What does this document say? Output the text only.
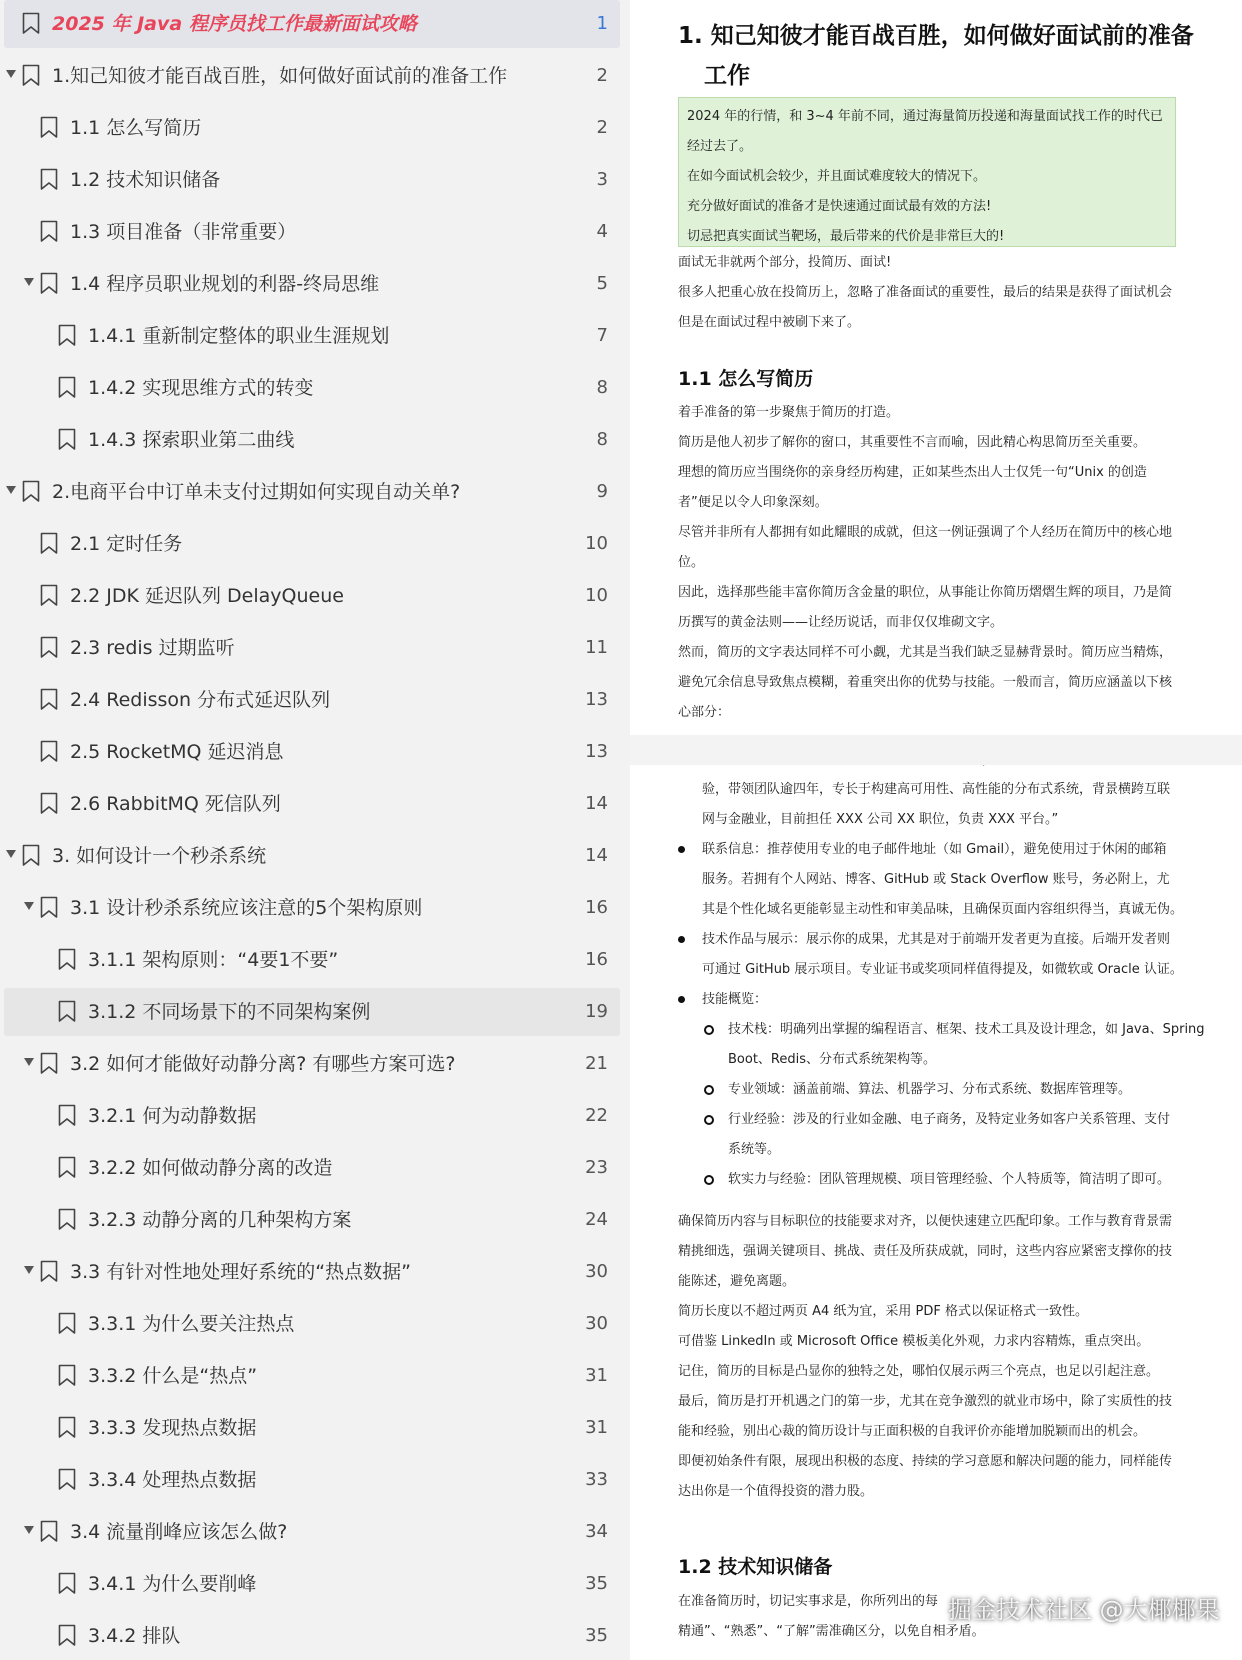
2025 年 Java 程序员找工作最新面试攻略	1
1.知己知彼才能百战百胜，如何做好面试前的准备工作	2
1.1 怎么写简历	2
1.2 技术知识储备	3
1.3 项目准备（非常重要）	4
1.4 程序员职业规划的利器-终局思维	5
1.4.1 重新制定整体的职业生涯规划	7
1.4.2 实现思维方式的转变	8
1.4.3 探索职业第二曲线	8
2.电商平台中订单未支付过期如何实现自动关单?	9
2.1 定时任务	10
2.2 JDK 延迟队列 DelayQueue	10
2.3 redis 过期监听	11
2.4 Redisson 分布式延迟队列	13
2.5 RocketMQ 延迟消息	13
2.6 RabbitMQ 死信队列	14
3. 如何设计一个秒杀系统	14
3.1 设计秒杀系统应该注意的5个架构原则	16
3.1.1 架构原则：“4要1不要”	16
3.1.2 不同场景下的不同架构案例	19
3.2 如何才能做好动静分离? 有哪些方案可选?	21
3.2.1 何为动静数据	22
3.2.2 如何做动静分离的改造	23
3.2.3 动静分离的几种架构方案	24
3.3 有针对性地处理好系统的“热点数据”	30
3.3.1 为什么要关注热点	30
3.3.2 什么是“热点”	31
3.3.3 发现热点数据	31
3.3.4 处理热点数据	33
3.4 流量削峰应该怎么做?	34
3.4.1 为什么要削峰	35
3.4.2 排队	35
1. 知己知彼才能百战百胜，如何做好面试前的准备
工作
2024 年的行情，和 3~4 年前不同，通过海量简历投递和海量面试找工作的时代已
经过去了。
在如今面试机会较少，并且面试难度较大的情况下。
充分做好面试的准备才是快速通过面试最有效的方法!
切忌把真实面试当靶场，最后带来的代价是非常巨大的!
面试无非就两个部分，投简历、面试!
很多人把重心放在投简历上，忽略了准备面试的重要性，最后的结果是获得了面试机会
但是在面试过程中被刷下来了。
1.1 怎么写简历
着手准备的第一步聚焦于简历的打造。
简历是他人初步了解你的窗口，其重要性不言而喻，因此精心构思简历至关重要。
理想的简历应当围绕你的亲身经历构建，正如某些杰出人士仅凭一句“Unix 的创造
者”便足以令人印象深刻。
尽管并非所有人都拥有如此耀眼的成就，但这一例证强调了个人经历在简历中的核心地
位。
因此，选择那些能丰富你简历含金量的职位，从事能让你简历熠熠生辉的项目，乃是简
历撰写的黄金法则——让经历说话，而非仅仅堆砌文字。
然而，简历的文字表达同样不可小觑，尤其是当我们缺乏显赫背景时。简历应当精炼，
避免冗余信息导致焦点模糊，着重突出你的优势与技能。一般而言，简历应涵盖以下核
心部分：
验，带领团队逾四年，专长于构建高可用性、高性能的分布式系统，背景横跨互联
网与金融业，目前担任 XXX 公司 XX 职位，负责 XXX 平台。”
联系信息：推荐使用专业的电子邮件地址（如 Gmail），避免使用过于休闲的邮箱
服务。若拥有个人网站、博客、GitHub 或 Stack Overflow 账号，务必附上，尤
其是个性化域名更能彰显主动性和审美品味，且确保页面内容组织得当，真诚无伪。
技术作品与展示：展示你的成果，尤其是对于前端开发者更为直接。后端开发者则
可通过 GitHub 展示项目。专业证书或奖项同样值得提及，如微软或 Oracle 认证。
技能概览：
技术栈：明确列出掌握的编程语言、框架、技术工具及设计理念，如 Java、Spring
Boot、Redis、分布式系统架构等。
专业领域：涵盖前端、算法、机器学习、分布式系统、数据库管理等。
行业经验：涉及的行业如金融、电子商务，及特定业务如客户关系管理、支付
系统等。
软实力与经验：团队管理规模、项目管理经验、个人特质等，简洁明了即可。
确保简历内容与目标职位的技能要求对齐，以便快速建立匹配印象。工作与教育背景需
精挑细选，强调关键项目、挑战、责任及所获成就，同时，这些内容应紧密支撑你的技
能陈述，避免离题。
简历长度以不超过两页 A4 纸为宜，采用 PDF 格式以保证格式一致性。
可借鉴 LinkedIn 或 Microsoft Office 模板美化外观，力求内容精炼，重点突出。
记住，简历的目标是凸显你的独特之处，哪怕仅展示两三个亮点，也足以引起注意。
最后，简历是打开机遇之门的第一步，尤其在竞争激烈的就业市场中，除了实质性的技
能和经验，别出心裁的简历设计与正面积极的自我评价亦能增加脱颖而出的机会。
即便初始条件有限，展现出积极的态度、持续的学习意愿和解决问题的能力，同样能传
达出你是一个值得投资的潜力股。
1.2 技术知识储备
在准备简历时，切记实事求是，你所列出的每
精通”、“熟悉”、“了解”需准确区分，以免自相矛盾。
掘金技术社区 @大椰椰果
